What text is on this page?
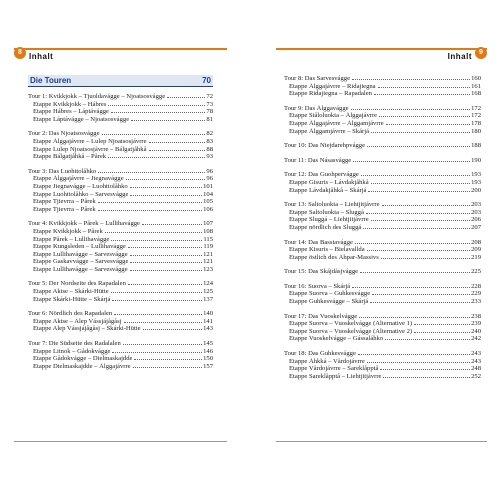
8 Inhalt
Die Touren	70
Tour 1: Kvikkjokk – Tjuoldavágge – Njoatsosvágge	72
Etappe Kvikkjokk – Hábres	73
Etappe Hábres – Láptávágge	78
Etappe Láptávágge – Njoatsosvágge	81
Tour 2: Das Njoatsosvágge	82
Etappe Álggajávrre – Lulep Njoatsosjávrre	83
Etappe Lulep Njoatsosjávrre – Bálgatjåhkå	88
Etappe Bálgatjåhkå – Pårek	93
Tour 3: Das Luohttolåhko	96
Etappe Álggajávrre – Jiegnavágge	96
Etappe Jiegnavágge – Luohttolåhko	101
Etappe Luohttolåhko – Sarvesvágge	104
Etappe Tjievrra – Pårek	105
Etappe Tjievrra – Pårek	106
Tour 4: Kvikkjokk – Pårek – Lullihavágge	107
Etappe Kvikkjokk – Pårek	108
Etappe Pårek – Lullihavágge	115
Etappe Kungsleden – Lullihavágge	119
Etappe Lullihavágge – Sarvesvágge	121
Etappe Gaskavvágge – Sarvesvágge	121
Etappe Lullihavágge – Sarvesvágge	123
Tour 5: Der Nordseite des Rapadalen	124
Etappe Aktse – Skárki-Hütte	125
Etappe Skárki-Hütte – Skárjá	137
Tour 6: Nördlich des Rapadalen	140
Etappe Aktse – Alep Vássjájågåsj	141
Etappe Alep Vássjájågåsj – Skárki-Hütte	143
Tour 7: Die Südseite des Radalalen	145
Etappe Litnok – Gådokvágge	146
Etappe Gådokvágge – Dielmaskajdde	150
Etappe Dielmaskajdde – Álggajávrre	157
Inhalt	9
Tour 8: Das Sarvesvágge	160
Etappe Álggajávrre – Ridajiegna	161
Etappe Ridajiegna – Rapadalen	168
Tour 9: Das Álggavágge	172
Etappe Ståloluokta – Álggajávrre	172
Etappe Álggajávrre – Álggamjávrre	178
Etappe Álggamjávrre – Skárjá	180
Tour 10: Das Niejdarehpvágge	188
Tour 11: Das Násasvágge	190
Tour 12: Das Guohpervágge	193
Etappe Gisuris – Lávdakjåhkå	193
Etappe Lávdakjåhkå – Skárjá	200
Tour 13: Saltoluokta – Liehtjitjávrre	203
Etappe Saltoluokta – Sluggá	203
Etappe Sluggá – Liehtjitjávrre	206
Etappe nördlich des Sluggá	207
Tour 14: Das Basstavágge	208
Etappe Kisuris – Bielavallda	209
Etappe östlich des Áhpar-Massivs	219
Tour 15: Das Skájdásjvágge	225
Tour 16: Suorva – Skárjá	228
Etappe Suorva – Guhkesvágge	229
Etappe Guhkesvágge – Skárjá	233
Tour 17: Das Vuoskelvágge	238
Etappe Suorva – Vuoskelvágge (Alternative 1)	239
Etappe Suorva – Vuoskelvágge (Alternative 2)	240
Etappe Vuoskelvágge – Gássaláhko	242
Tour 18: Das Guhkesvágge	243
Etappe Áhkká – Vårdojávrre	243
Etappe Vårdojávrre – Sareklåpptå	248
Etappe Sareklåpptå – Liehtjitjávrre	252
